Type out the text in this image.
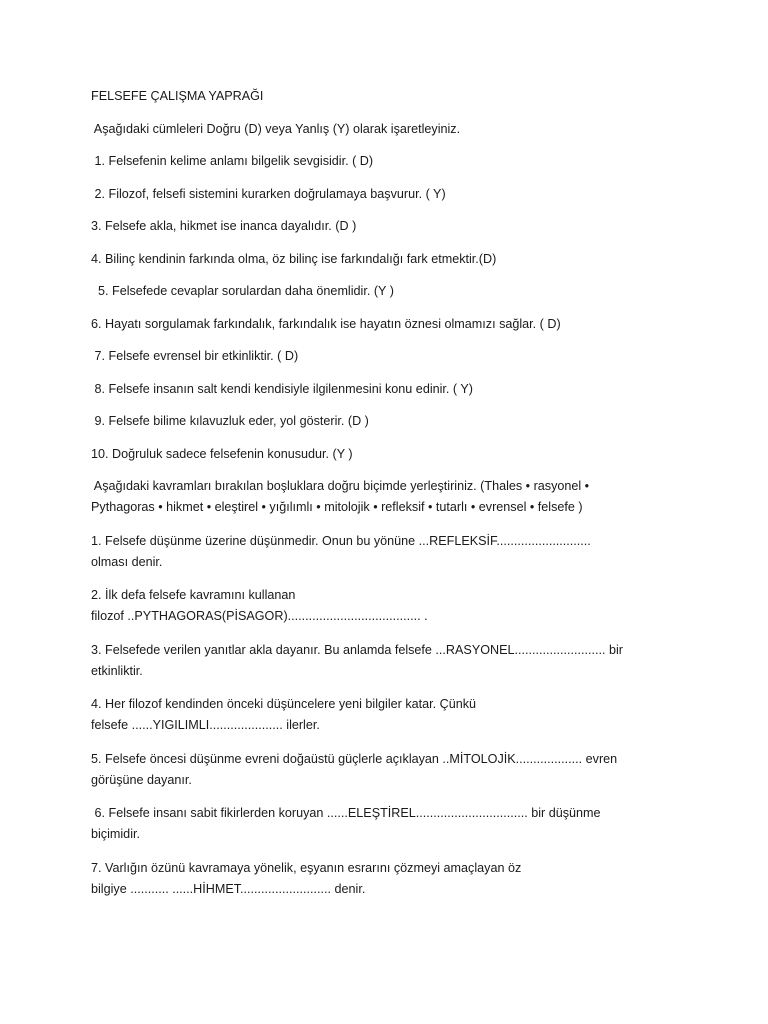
FELSEFE ÇALIŞMA YAPRAĞI

Aşağıdaki cümleleri Doğru (D) veya Yanlış (Y) olarak işaretleyiniz.

1. Felsefenin kelime anlamı bilgelik sevgisidir. ( D)

2. Filozof, felsefi sistemini kurarken doğrulamaya başvurur. ( Y)

3. Felsefe akla, hikmet ise inanca dayalıdır. (D )

4. Bilinç kendinin farkında olma, öz bilinç ise farkındalığı fark etmektir.(D)

5. Felsefede cevaplar sorulardan daha önemlidir. (Y )

6. Hayatı sorgulamak farkındalık, farkındalık ise hayatın öznesi olmamızı sağlar. ( D)

7. Felsefe evrensel bir etkinliktir. ( D)

8. Felsefe insanın salt kendi kendisiyle ilgilenmesini konu edinir. ( Y)

9. Felsefe bilime kılavuzluk eder, yol gösterir. (D )

10. Doğruluk sadece felsefenin konusudur. (Y )

Aşağıdaki kavramları bırakılan boşluklara doğru biçimde yerleştiriniz. (Thales • rasyonel •
Pythagoras • hikmet • eleştirel • yığılımlı • mitolojik • refleksif • tutarlı • evrensel • felsefe )
1. Felsefe düşünme üzerine düşünmedir. Onun bu yönüne ...REFLEKSİF...........................
olması denir.
2. İlk defa felsefe kavramını kullanan
filozof ..PYTHAGORAS(PİSAGOR)...................................... .
3. Felsefede verilen yanıtlar akla dayanır. Bu anlamda felsefe ...RASYONEL.......................... bir
etkinliktir.
4. Her filozof kendinden önceki düşüncelere yeni bilgiler katar. Çünkü
felsefe ......YIGILIMLI..................... ilerler.
5. Felsefe öncesi düşünme evreni doğaüstü güçlerle açıklayan ..MİTOLOJİK................... evren
görüşüne dayanır.
6. Felsefe insanı sabit fikirlerden koruyan ......ELEŞTİREL................................ bir düşünme
biçimidir.
7. Varlığın özünü kavramaya yönelik, eşyanın esrarını çözmeyi amaçlayan öz
bilgiye ........... ......HİHMET.......................... denir.
